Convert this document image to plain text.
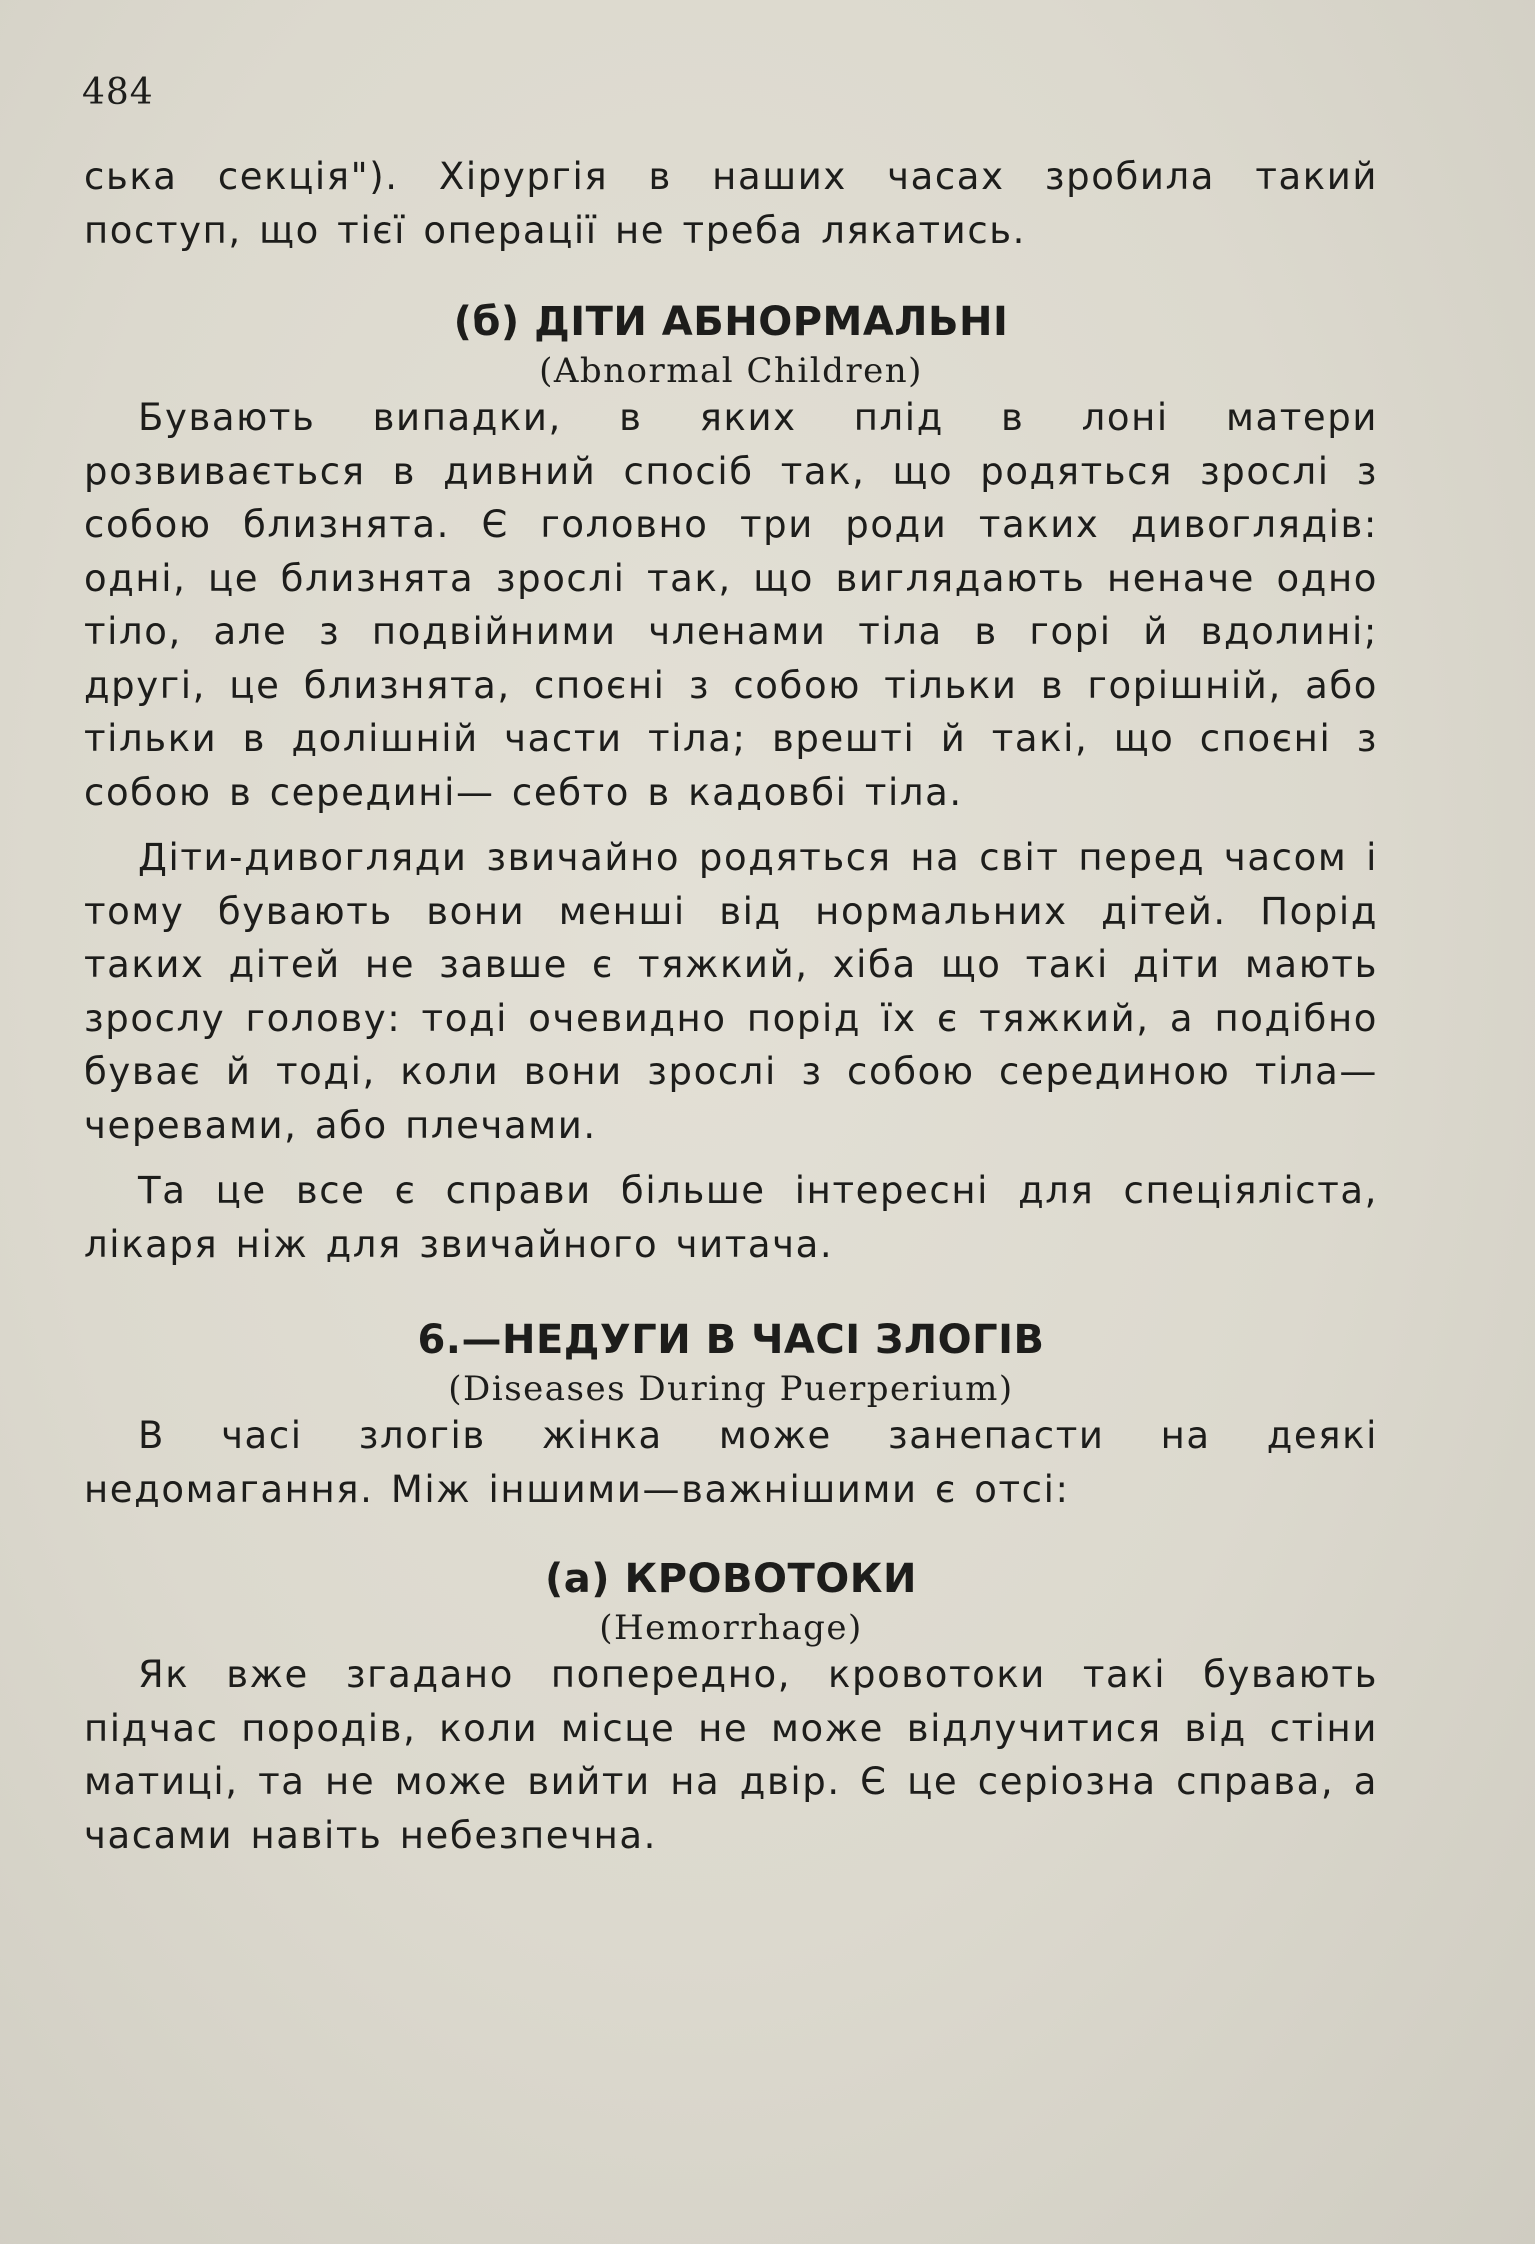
484

ська секція"). Хірургія в наших часах зробила такий поступ, що тієї операції не треба лякатись.

(б) ДІТИ АБНОРМАЛЬНІ
(Abnormal Children)

Бувають випадки, в яких плід в лоні матери розвивається в дивний спосіб так, що родяться зрослі з собою близнята. Є головно три роди таких дивоглядів: одні, це близнята зрослі так, що виглядають неначе одно тіло, але з подвійними членами тіла в горі й вдолині; другі, це близнята, споєні з собою тільки в горішній, або тільки в долішній части тіла; врешті й такі, що споєні з собою в середині— себто в кадовбі тіла.

Діти-дивогляди звичайно родяться на світ перед часом і тому бувають вони менші від нормальних дітей. Порід таких дітей не завше є тяжкий, хіба що такі діти мають зрослу голову: тоді очевидно порід їх є тяжкий, а подібно буває й тоді, коли вони зрослі з собою серединою тіла—черевами, або плечами.

Та це все є справи більше інтересні для спеціяліста, лікаря ніж для звичайного читача.

6.—НЕДУГИ В ЧАСІ ЗЛОГІВ
(Diseases During Puerperium)

В часі злогів жінка може занепасти на деякі недомагання. Між іншими—важнішими є отсі:

(а) КРОВОТОКИ
(Hemorrhage)

Як вже згадано попередно, кровотоки такі бувають підчас породів, коли місце не може відлучитися від стіни матиці, та не може вийти на двір. Є це серіозна справа, а часами навіть небезпечна.
